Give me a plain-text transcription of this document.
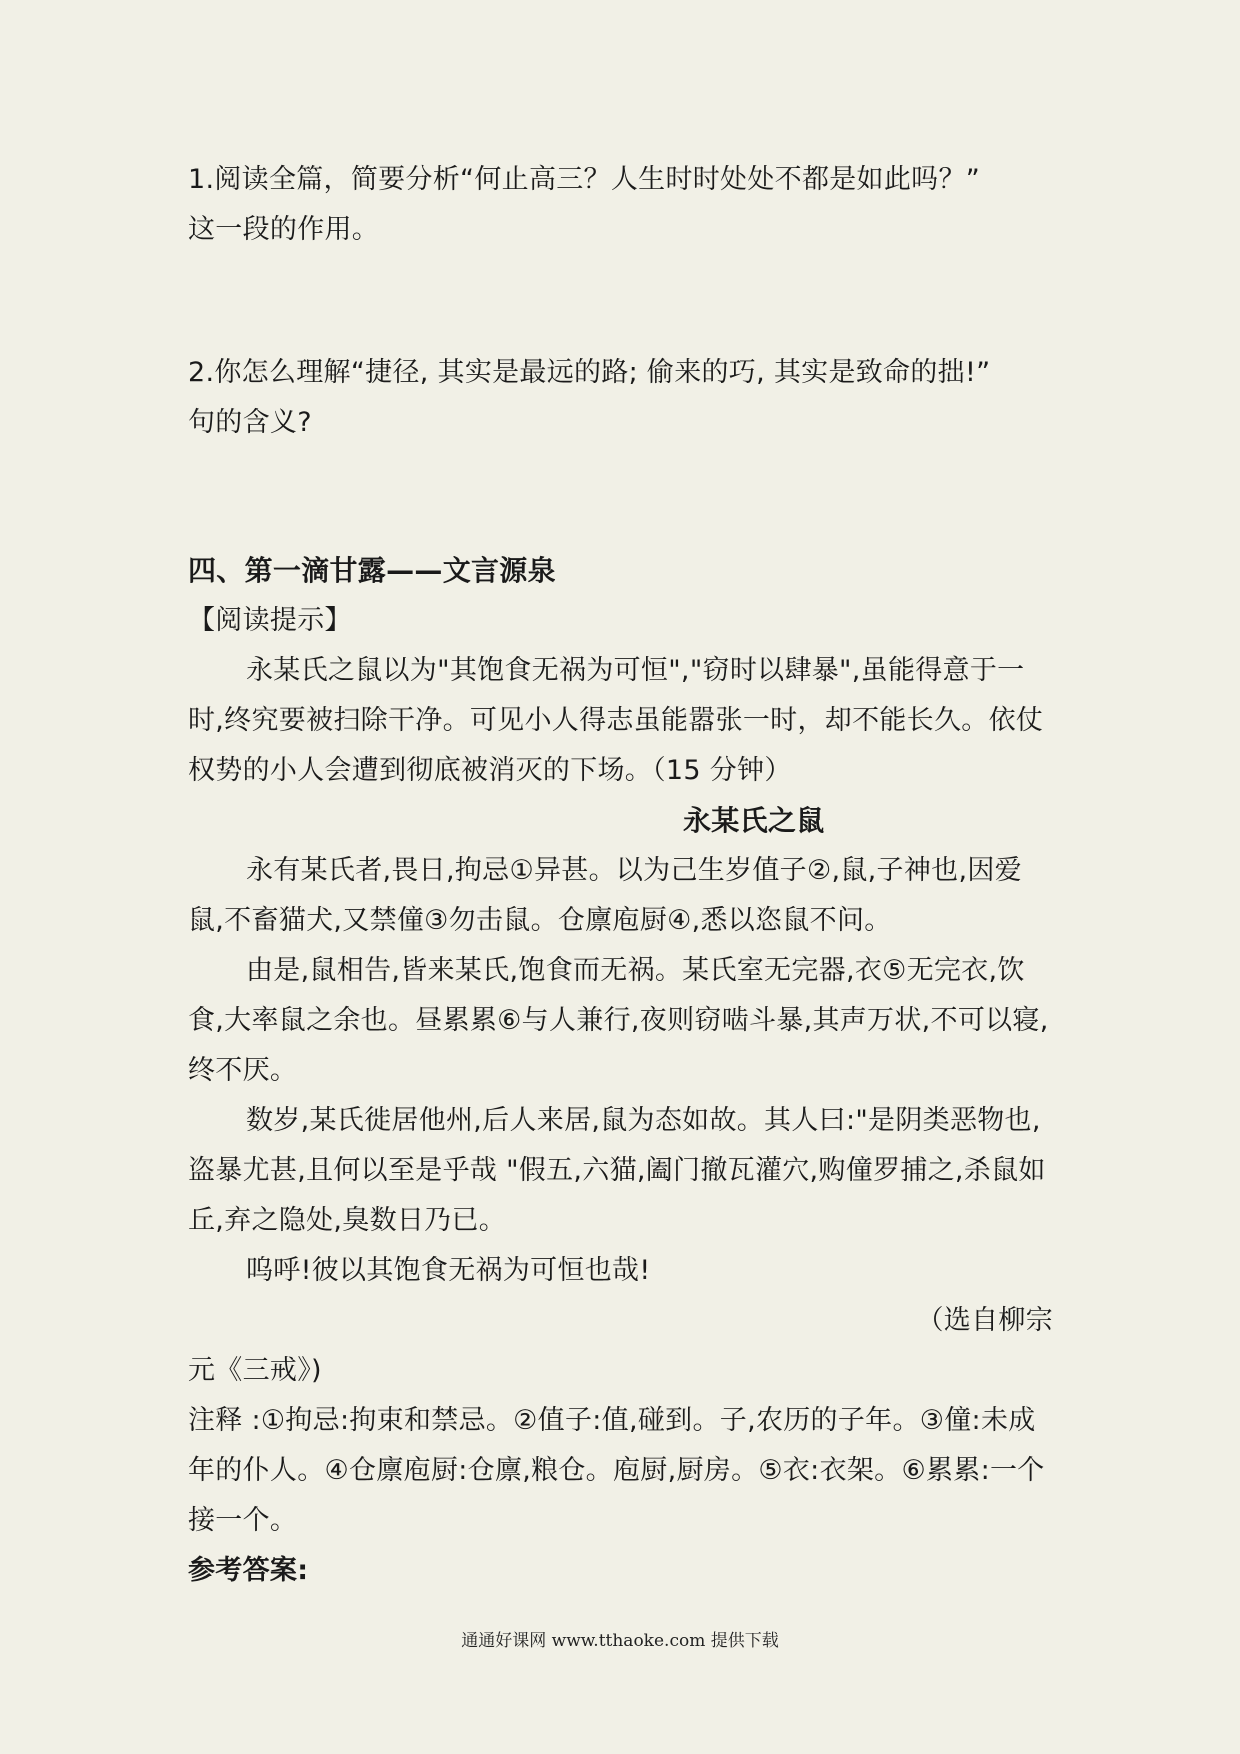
1.阅读全篇，简要分析“何止高三？人生时时处处不都是如此吗？”

这一段的作用。

2.你怎么理解“捷径, 其实是最远的路; 偷来的巧, 其实是致命的拙!”

句的含义?

四、第一滴甘露——文言源泉

【阅读提示】

永某氏之鼠以为"其饱食无祸为可恒","窃时以肆暴",虽能得意于一时,终究要被扫除干净。可见小人得志虽能嚣张一时，却不能长久。依仗权势的小人会遭到彻底被消灭的下场。（15 分钟）

永某氏之鼠

永有某氏者,畏日,拘忌①异甚。以为己生岁值子②,鼠,子神也,因爱鼠,不畜猫犬,又禁僮③勿击鼠。仓廪庖厨④,悉以恣鼠不问。

由是,鼠相告,皆来某氏,饱食而无祸。某氏室无完器,衣⑤无完衣,饮食,大率鼠之余也。昼累累⑥与人兼行,夜则窃啮斗暴,其声万状,不可以寝,终不厌。

数岁,某氏徙居他州,后人来居,鼠为态如故。其人曰:"是阴类恶物也,盗暴尤甚,且何以至是乎哉 "假五,六猫,阖门撤瓦灌穴,购僮罗捕之,杀鼠如丘,弃之隐处,臭数日乃已。

呜呼!彼以其饱食无祸为可恒也哉!

（选自柳宗

元《三戒》)

注释 :①拘忌:拘束和禁忌。②值子:值,碰到。子,农历的子年。③僮:未成年的仆人。④仓廪庖厨:仓廪,粮仓。庖厨,厨房。⑤衣:衣架。⑥累累:一个接一个。

参考答案:

通通好课网 www.tthaoke.com 提供下载
